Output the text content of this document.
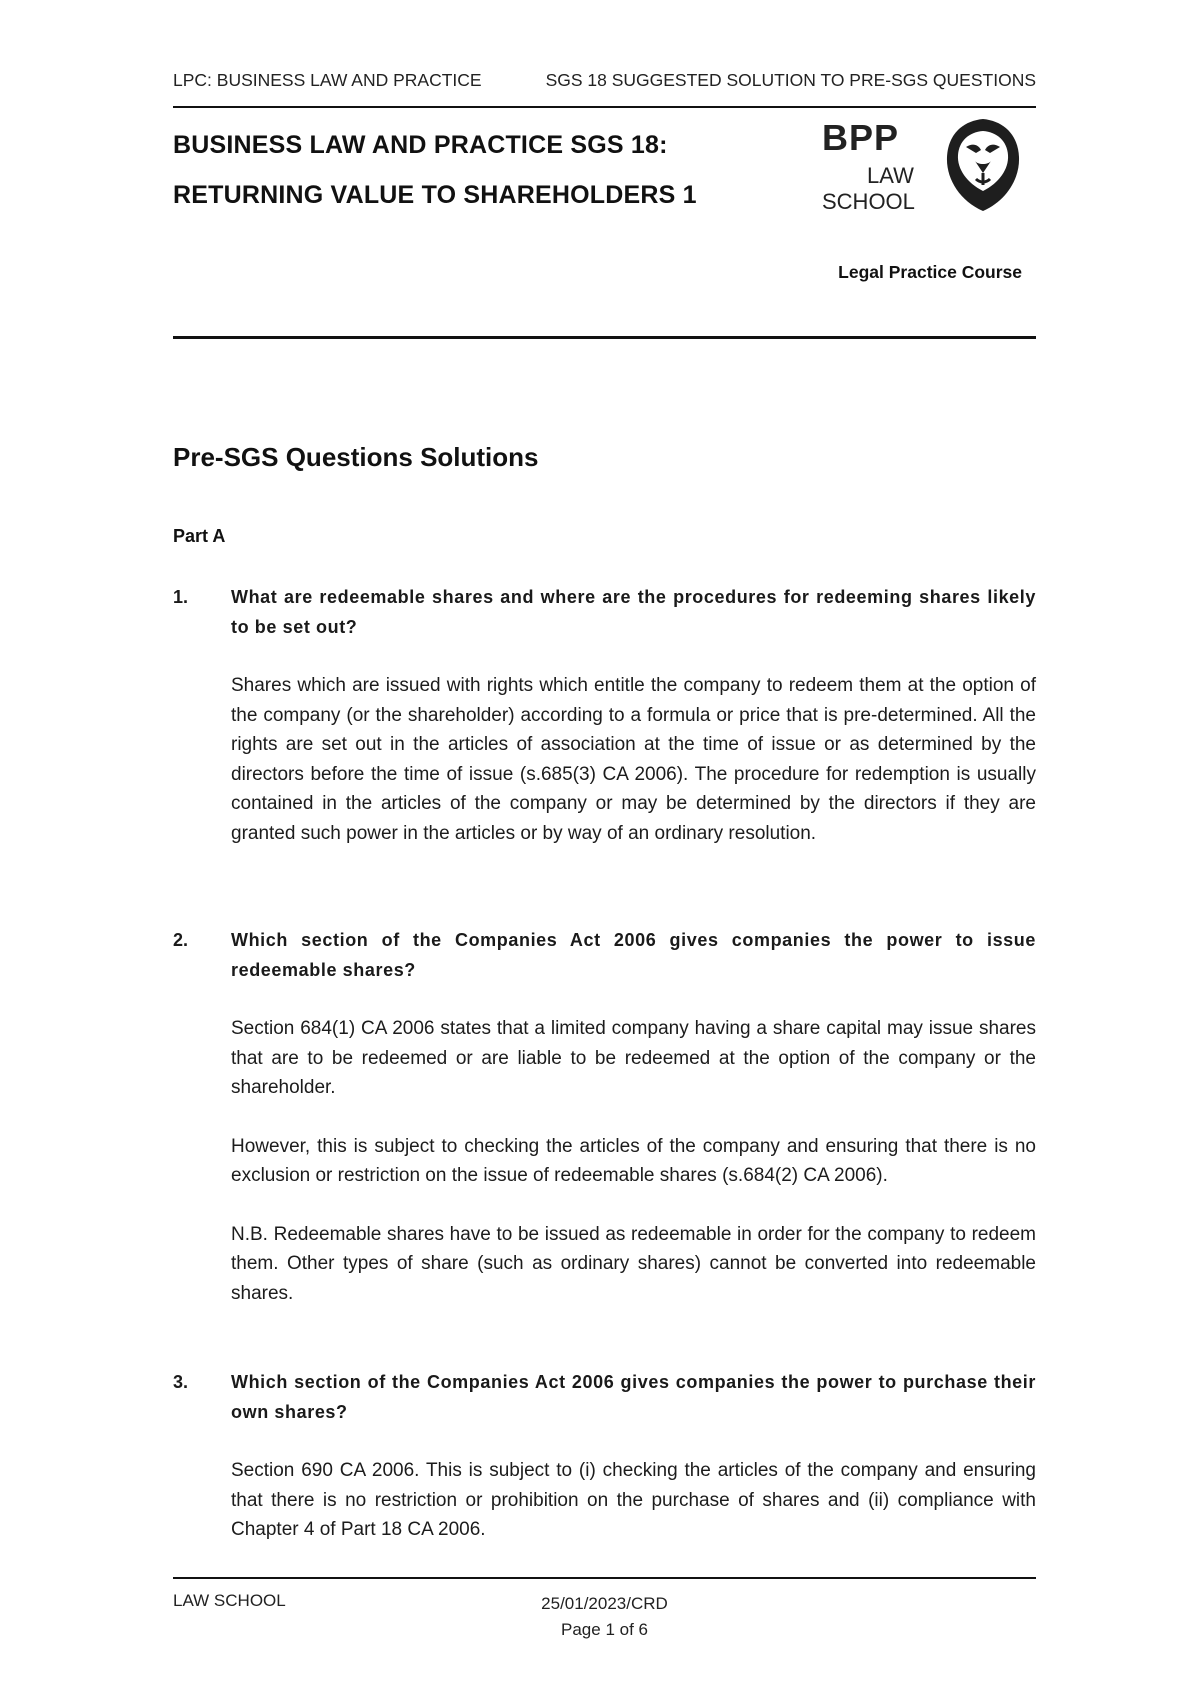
LPC: BUSINESS LAW AND PRACTICE	SGS 18 SUGGESTED SOLUTION TO PRE-SGS QUESTIONS
BUSINESS LAW AND PRACTICE SGS 18:
RETURNING VALUE TO SHAREHOLDERS 1
BPP
LAW
SCHOOL
Legal Practice Course
Pre-SGS Questions Solutions
Part A
1. What are redeemable shares and where are the procedures for redeeming shares likely to be set out?
Shares which are issued with rights which entitle the company to redeem them at the option of the company (or the shareholder) according to a formula or price that is pre-determined. All the rights are set out in the articles of association at the time of issue or as determined by the directors before the time of issue (s.685(3) CA 2006). The procedure for redemption is usually contained in the articles of the company or may be determined by the directors if they are granted such power in the articles or by way of an ordinary resolution.
2. Which section of the Companies Act 2006 gives companies the power to issue redeemable shares?
Section 684(1) CA 2006 states that a limited company having a share capital may issue shares that are to be redeemed or are liable to be redeemed at the option of the company or the shareholder.
However, this is subject to checking the articles of the company and ensuring that there is no exclusion or restriction on the issue of redeemable shares (s.684(2) CA 2006).
N.B. Redeemable shares have to be issued as redeemable in order for the company to redeem them. Other types of share (such as ordinary shares) cannot be converted into redeemable shares.
3. Which section of the Companies Act 2006 gives companies the power to purchase their own shares?
Section 690 CA 2006. This is subject to (i) checking the articles of the company and ensuring that there is no restriction or prohibition on the purchase of shares and (ii) compliance with Chapter 4 of Part 18 CA 2006.
LAW SCHOOL	25/01/2023/CRD
Page 1 of 6
